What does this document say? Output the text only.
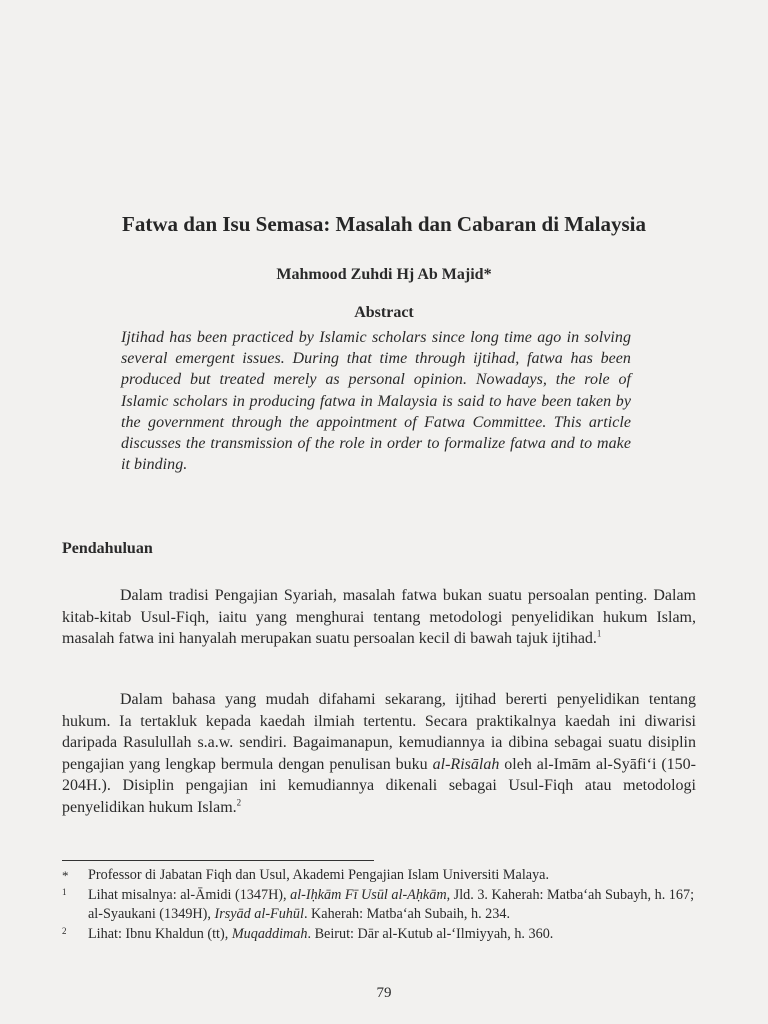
Fatwa dan Isu Semasa: Masalah dan Cabaran di Malaysia
Mahmood Zuhdi Hj Ab Majid*
Abstract
Ijtihad has been practiced by Islamic scholars since long time ago in solving several emergent issues. During that time through ijtihad, fatwa has been produced but treated merely as personal opinion. Nowadays, the role of Islamic scholars in producing fatwa in Malaysia is said to have been taken by the government through the appointment of Fatwa Committee. This article discusses the transmission of the role in order to formalize fatwa and to make it binding.
Pendahuluan
Dalam tradisi Pengajian Syariah, masalah fatwa bukan suatu persoalan penting. Dalam kitab-kitab Usul-Fiqh, iaitu yang menghurai tentang metodologi penyelidikan hukum Islam, masalah fatwa ini hanyalah merupakan suatu persoalan kecil di bawah tajuk ijtihad.$^1$
Dalam bahasa yang mudah difahami sekarang, ijtihad bererti penyelidikan tentang hukum. Ia tertakluk kepada kaedah ilmiah tertentu. Secara praktikalnya kaedah ini diwarisi daripada Rasulullah s.a.w. sendiri. Bagaimanapun, kemudiannya ia dibina sebagai suatu disiplin pengajian yang lengkap bermula dengan penulisan buku al-Risālah oleh al-Imām al-Syāfi‘i (150-204H.). Disiplin pengajian ini kemudiannya dikenali sebagai Usul-Fiqh atau metodologi penyelidikan hukum Islam.$^2$
* Professor di Jabatan Fiqh dan Usul, Akademi Pengajian Islam Universiti Malaya.
1 Lihat misalnya: al-Āmidi (1347H), al-Iḥkām Fī Usūl al-Aḥkām, Jld. 3. Kaherah: Matba‘ah Subayh, h. 167; al-Syaukani (1349H), Irsyād al-Fuhūl. Kaherah: Matba‘ah Subaih, h. 234.
2 Lihat: Ibnu Khaldun (tt), Muqaddimah. Beirut: Dār al-Kutub al-‘Ilmiyyah, h. 360.
79
